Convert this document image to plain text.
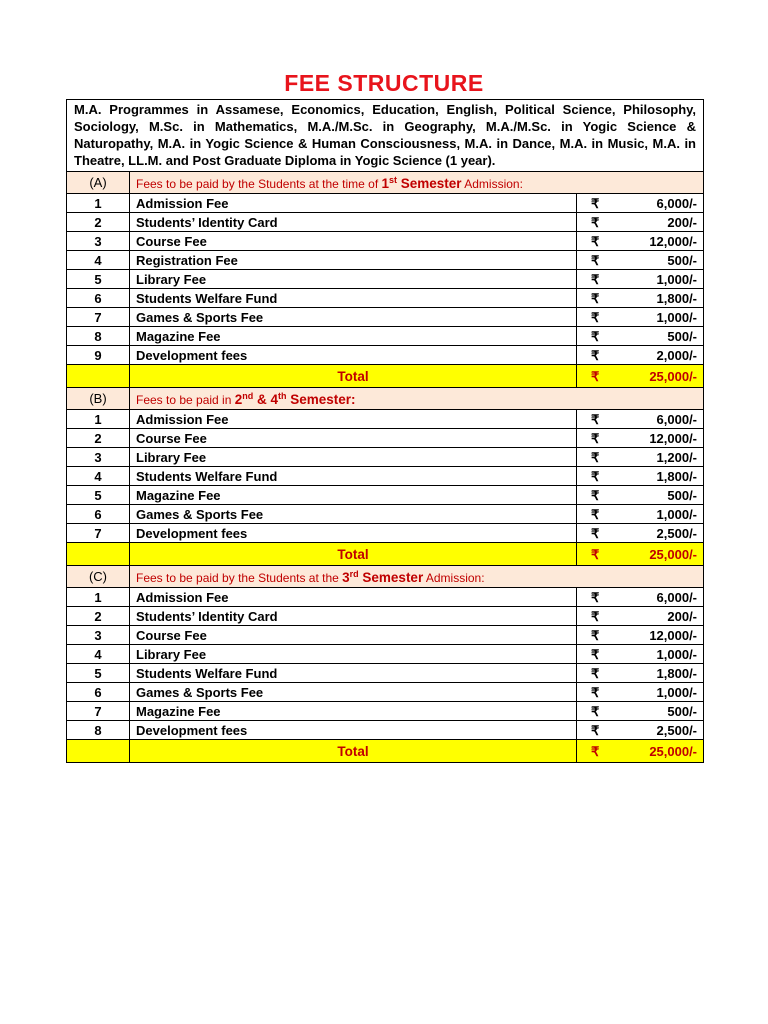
FEE STRUCTURE
M.A. Programmes in Assamese, Economics, Education, English, Political Science, Philosophy, Sociology, M.Sc. in Mathematics, M.A./M.Sc. in Geography, M.A./M.Sc. in Yogic Science & Naturopathy, M.A. in Yogic Science & Human Consciousness, M.A. in Dance, M.A. in Music, M.A. in Theatre, LL.M. and Post Graduate Diploma in Yogic Science (1 year).		
(A)	Fees to be paid by the Students at the time of 1st Semester Admission:	
1	Admission Fee	₹ 6,000/-

2	Students’ Identity Card	₹ 200/-

3	Course Fee	₹ 12,000/-

4	Registration Fee	₹ 500/-

5	Library Fee	₹ 1,000/-

6	Students Welfare Fund	₹ 1,800/-

7	Games & Sports Fee	₹ 1,000/-

8	Magazine Fee	₹ 500/-

9	Development fees	₹ 2,000/-

	Total	₹ 25,000/-

(B)	Fees to be paid in 2nd & 4th Semester:	
1	Admission Fee	₹ 6,000/-

2	Course Fee	₹ 12,000/-

3	Library Fee	₹ 1,200/-

4	Students Welfare Fund	₹ 1,800/-

5	Magazine Fee	₹ 500/-

6	Games & Sports Fee	₹ 1,000/-

7	Development fees	₹ 2,500/-

	Total	₹ 25,000/-

(C)	Fees to be paid by the Students at the 3rd Semester Admission:	
1	Admission Fee	₹ 6,000/-

2	Students’ Identity Card	₹ 200/-

3	Course Fee	₹ 12,000/-

4	Library Fee	₹ 1,000/-

5	Students Welfare Fund	₹ 1,800/-

6	Games & Sports Fee	₹ 1,000/-

7	Magazine Fee	₹ 500/-

8	Development fees	₹ 2,500/-

	Total	₹ 25,000/-
